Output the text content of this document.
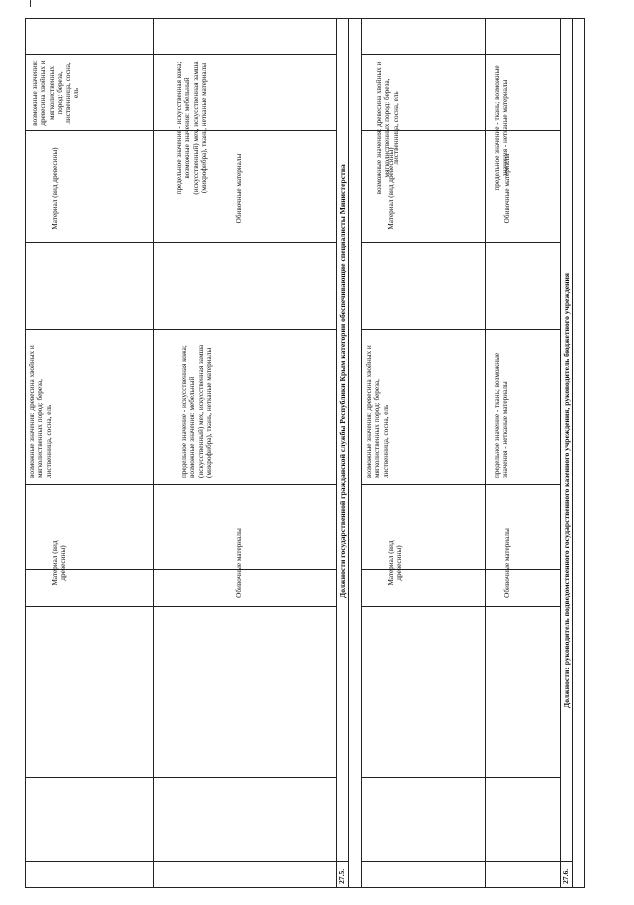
Материал (вид древесины)
возможные значения: древесина хвойных и мягколиственных пород: береза, лиственница, сосна, ель
Материал (вид древесины)
возможные значения: древесина хвойных и мягколиственных пород: береза, лиственница, сосна, ель
Обивочные материалы
предельное значение - искусственная кожа; возможные значения: мебельный (искусственный) мех, искусственная замша (микрофибра), ткань, нетканые материалы
Обивочные материалы
предельное значение - искусственная кожа; возможные значения: мебельный (искусственный) мех, искусственная замша (микрофибра), ткань, нетканые материалы
27.5.
Должности государственной гражданской службы Республики Крым категории обеспечивающие специалисты Министерства	Материал (вид древесины)
возможные значения: древесина хвойных и мягколиственных пород: береза, лиственница, сосна, ель
Материал (вид древесины)
возможные значения: древесина хвойных и мягколиственных пород: береза, лиственница, сосна, ель
Обивочные материалы
предельное значение - ткань; возможные значения - нетканые материалы
Обивочные материалы
предельное значение - ткань; возможные значения - нетканые материалы
27.6.
Должности: руководитель подведомственного государственного казенного учреждения, руководитель бюджетного учреждения
